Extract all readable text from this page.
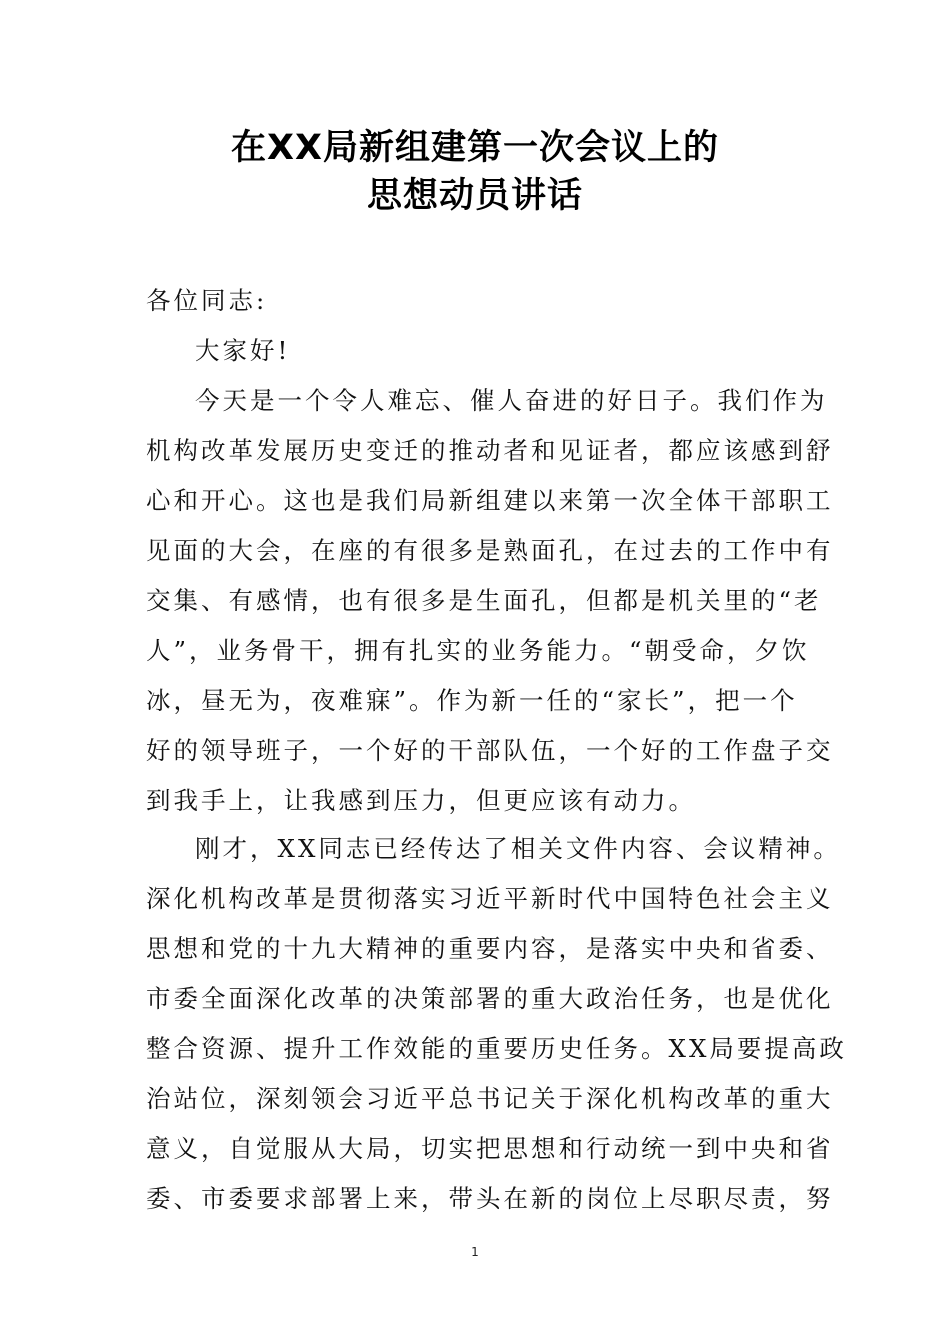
在XX局新组建第一次会议上的
思想动员讲话
各位同志:
大家好!
今天是一个令人难忘、催人奋进的好日子。我们作为
机构改革发展历史变迁的推动者和见证者，都应该感到舒
心和开心。这也是我们局新组建以来第一次全体干部职工
见面的大会，在座的有很多是熟面孔，在过去的工作中有
交集、有感情，也有很多是生面孔，但都是机关里的“老
人”，业务骨干，拥有扎实的业务能力。“朝受命，夕饮
冰，昼无为，夜难寐”。作为新一任的“家长”，把一个
好的领导班子，一个好的干部队伍，一个好的工作盘子交
到我手上，让我感到压力，但更应该有动力。
刚才，XX同志已经传达了相关文件内容、会议精神。
深化机构改革是贯彻落实习近平新时代中国特色社会主义
思想和党的十九大精神的重要内容，是落实中央和省委、
市委全面深化改革的决策部署的重大政治任务，也是优化
整合资源、提升工作效能的重要历史任务。XX局要提高政
治站位，深刻领会习近平总书记关于深化机构改革的重大
意义，自觉服从大局，切实把思想和行动统一到中央和省
委、市委要求部署上来，带头在新的岗位上尽职尽责，努
1
